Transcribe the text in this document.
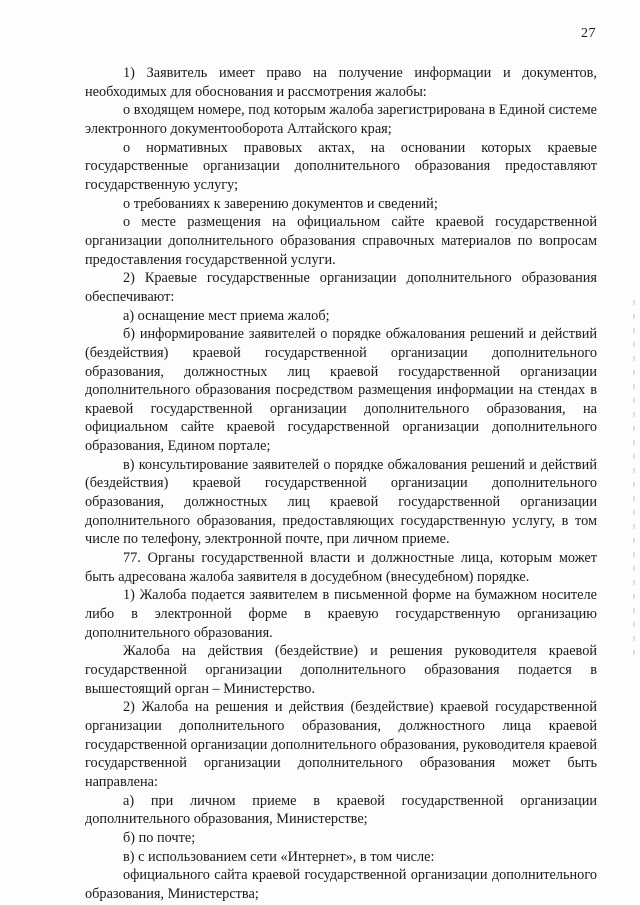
27

1) Заявитель имеет право на получение информации и документов, необходимых для обоснования и рассмотрения жалобы:

о входящем номере, под которым жалоба зарегистрирована в Единой системе электронного документооборота Алтайского края;

о нормативных правовых актах, на основании которых краевые государственные организации дополнительного образования предоставляют государственную услугу;

о требованиях к заверению документов и сведений;

о месте размещения на официальном сайте краевой государственной организации дополнительного образования справочных материалов по вопросам предоставления государственной услуги.

2) Краевые государственные организации дополнительного образования обеспечивают:

а) оснащение мест приема жалоб;

б) информирование заявителей о порядке обжалования решений и действий (бездействия) краевой государственной организации дополнительного образования, должностных лиц краевой государственной организации дополнительного образования посредством размещения информации на стендах в краевой государственной организации дополнительного образования, на официальном сайте краевой государственной организации дополнительного образования, Едином портале;

в) консультирование заявителей о порядке обжалования решений и действий (бездействия) краевой государственной организации дополнительного образования, должностных лиц краевой государственной организации дополнительного образования, предоставляющих государственную услугу, в том числе по телефону, электронной почте, при личном приеме.

77. Органы государственной власти и должностные лица, которым может быть адресована жалоба заявителя в досудебном (внесудебном) порядке.

1) Жалоба подается заявителем в письменной форме на бумажном носителе либо в электронной форме в краевую государственную организацию дополнительного образования.

Жалоба на действия (бездействие) и решения руководителя краевой государственной организации дополнительного образования подается в вышестоящий орган – Министерство.

2) Жалоба на решения и действия (бездействие) краевой государственной организации дополнительного образования, должностного лица краевой государственной организации дополнительного образования, руководителя краевой государственной организации дополнительного образования может быть направлена:

а) при личном приеме в краевой государственной организации дополнительного образования, Министерстве;

б) по почте;

в) с использованием сети «Интернет», в том числе:

официального сайта краевой государственной организации дополнительного образования, Министерства;
